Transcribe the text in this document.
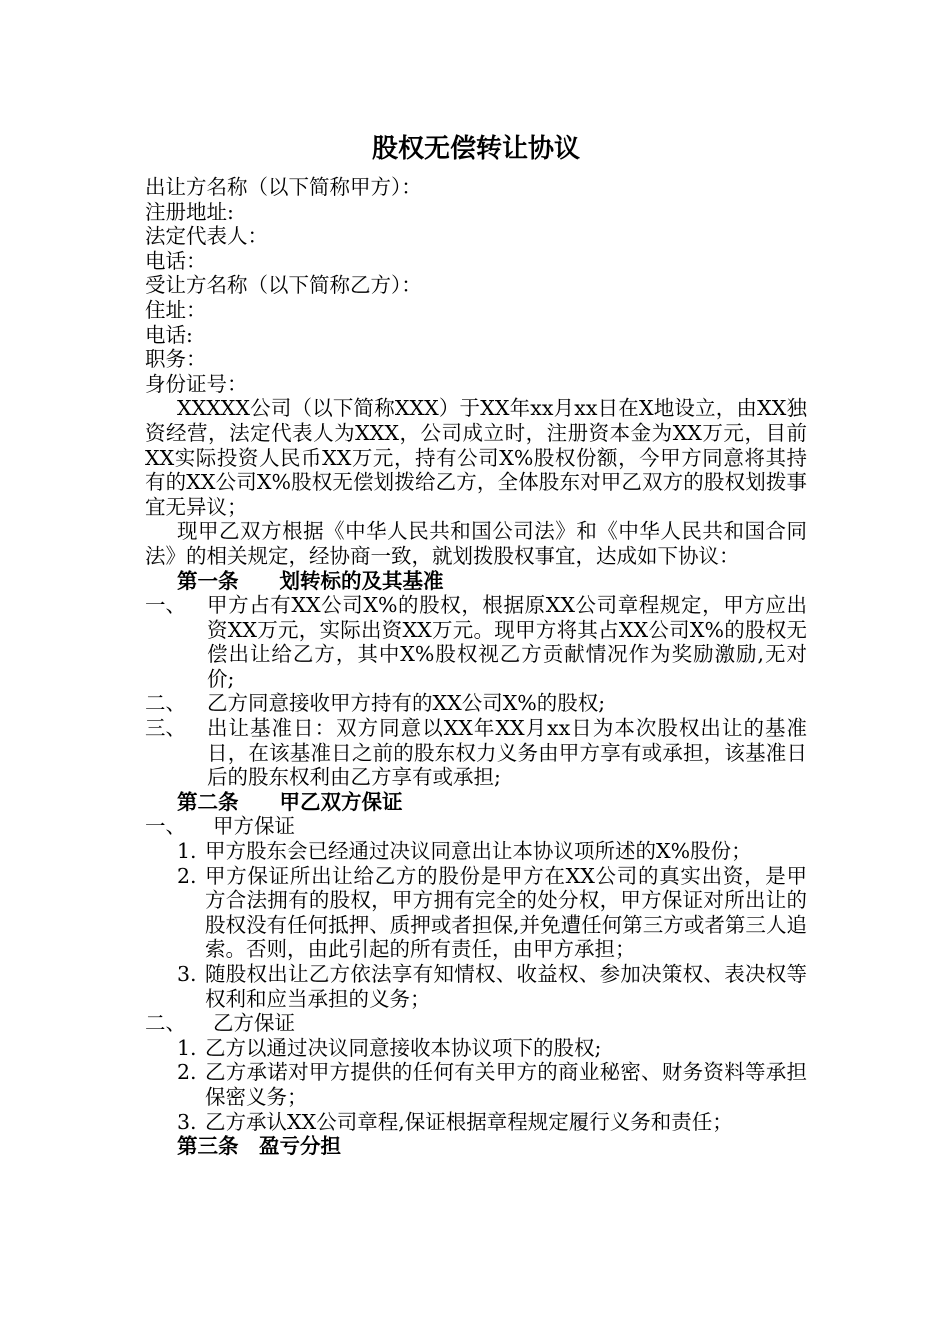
股权无偿转让协议
出让方名称（以下简称甲方）：
注册地址:
法定代表人：
电话：
受让方名称（以下简称乙方）：
住址：
电话:
职务：
身份证号：

XXXXX公司（以下简称XXX）于XX年xx月xx日在X地设立，由XX独资经营，法定代表人为XXX，公司成立时，注册资本金为XX万元，目前XX实际投资人民币XX万元，持有公司X%股权份额，今甲方同意将其持有的XX公司X%股权无偿划拨给乙方，全体股东对甲乙双方的股权划拨事宜无异议；

现甲乙双方根据《中华人民共和国公司法》和《中华人民共和国合同法》的相关规定，经协商一致，就划拨股权事宜，达成如下协议：

第一条　　划转标的及其基准

一、	甲方占有XX公司X%的股权，根据原XX公司章程规定，甲方应出资XX万元，实际出资XX万元。现甲方将其占XX公司X%的股权无偿出让给乙方，其中X%股权视乙方贡献情况作为奖励激励,无对价;
二、	乙方同意接收甲方持有的XX公司X%的股权;
三、	出让基准日：双方同意以XX年XX月xx日为本次股权出让的基准日，在该基准日之前的股东权力义务由甲方享有或承担，该基准日后的股东权利由乙方享有或承担;

第二条　　甲乙双方保证

一、	甲方保证
1. 甲方股东会已经通过决议同意出让本协议项所述的X%股份；
2. 甲方保证所出让给乙方的股份是甲方在XX公司的真实出资，是甲方合法拥有的股权，甲方拥有完全的处分权，甲方保证对所出让的股权没有任何抵押、质押或者担保,并免遭任何第三方或者第三人追索。否则，由此引起的所有责任，由甲方承担；
3. 随股权出让乙方依法享有知情权、收益权、参加决策权、表决权等权利和应当承担的义务；
二、	乙方保证
1. 乙方以通过决议同意接收本协议项下的股权;
2. 乙方承诺对甲方提供的任何有关甲方的商业秘密、财务资料等承担保密义务；
3. 乙方承认XX公司章程,保证根据章程规定履行义务和责任；

第三条　盈亏分担
